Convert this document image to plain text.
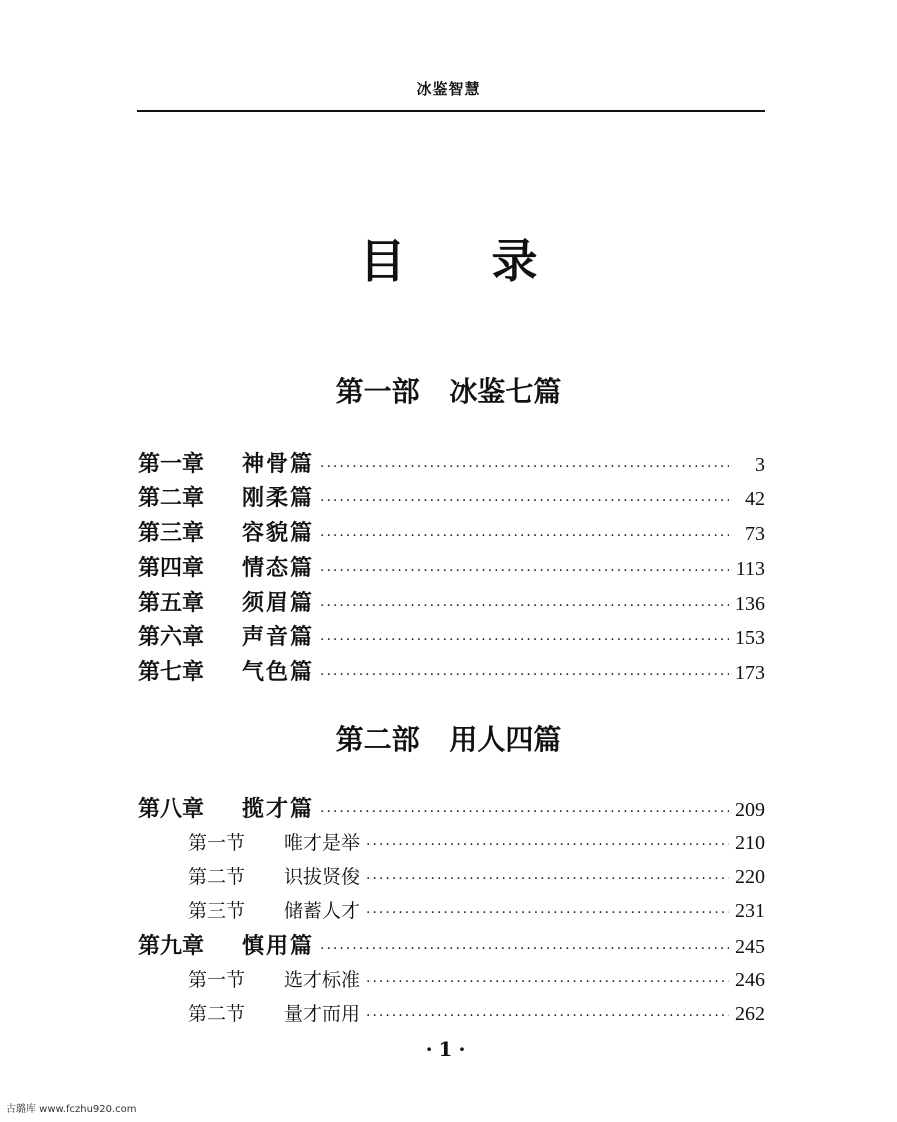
冰鉴智慧
目 录
第一部 冰鉴七篇
第一章	神骨篇 ·····	3
第二章	刚柔篇 ·····	42
第三章	容貌篇 ·····	73
第四章	情态篇 ·····	113
第五章	须眉篇 ·····	136
第六章	声音篇 ·····	153
第七章	气色篇 ·····	173
第二部 用人四篇
第八章	揽才篇 ·····	209
第一节	唯才是举 ·····	210
第二节	识拔贤俊 ·····	220
第三节	储蓄人才 ·····	231
第九章	慎用篇 ·····	245
第一节	选才标准 ·····	246
第二节	量才而用 ·····	262
·1·
古璐库 www.fczhu920.com
